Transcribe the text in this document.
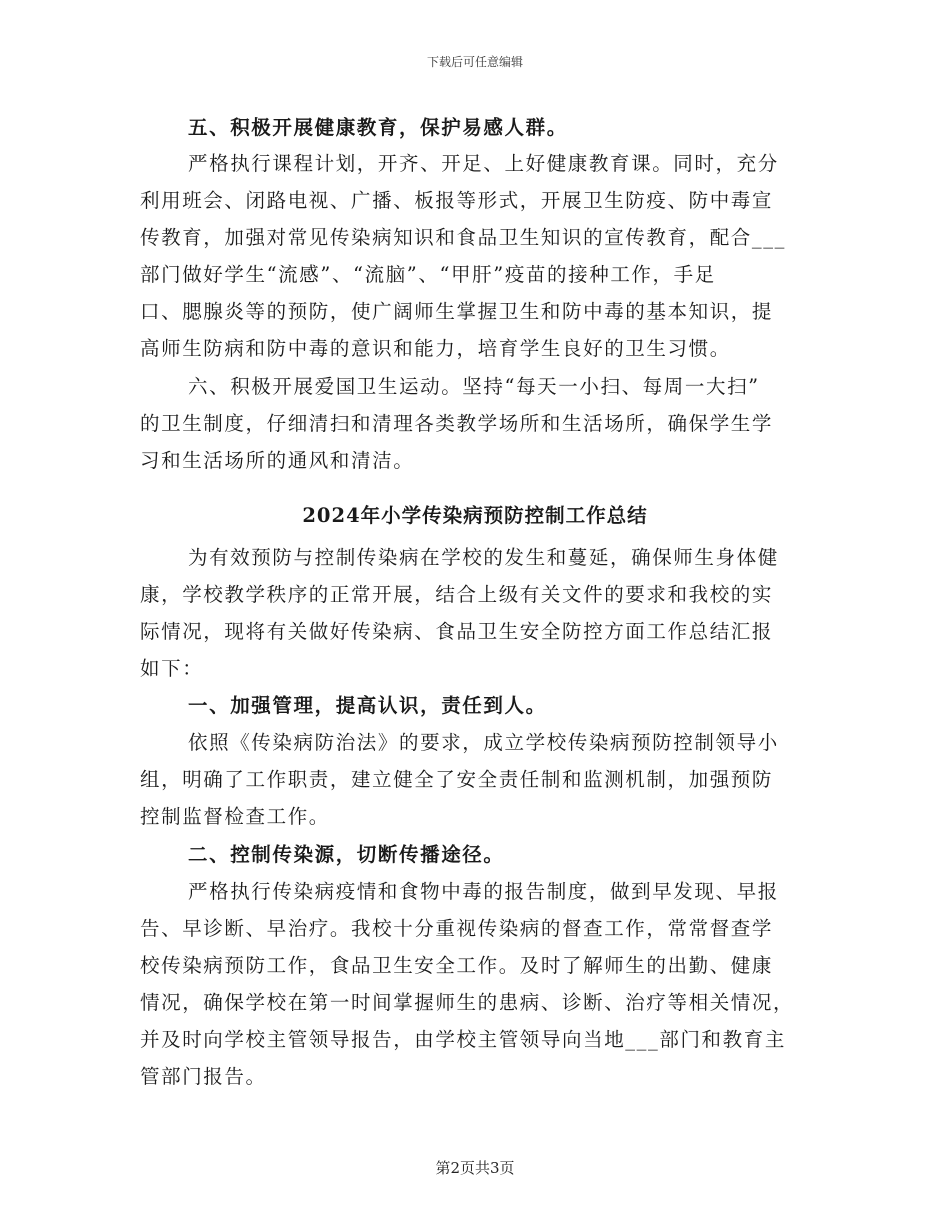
下载后可任意编辑
五、积极开展健康教育，保护易感人群。
严格执行课程计划，开齐、开足、上好健康教育课。同时，充分
利用班会、闭路电视、广播、板报等形式，开展卫生防疫、防中毒宣
传教育，加强对常见传染病知识和食品卫生知识的宣传教育，配合___
部门做好学生“流感”、“流脑”、“甲肝”疫苗的接种工作，手足
口、腮腺炎等的预防，使广阔师生掌握卫生和防中毒的基本知识，提
高师生防病和防中毒的意识和能力，培育学生良好的卫生习惯。
六、积极开展爱国卫生运动。坚持“每天一小扫、每周一大扫”
的卫生制度，仔细清扫和清理各类教学场所和生活场所，确保学生学
习和生活场所的通风和清洁。
2024年小学传染病预防控制工作总结
为有效预防与控制传染病在学校的发生和蔓延，确保师生身体健
康，学校教学秩序的正常开展，结合上级有关文件的要求和我校的实
际情况，现将有关做好传染病、食品卫生安全防控方面工作总结汇报
如下：
一、加强管理，提高认识，责任到人。
依照《传染病防治法》的要求，成立学校传染病预防控制领导小
组，明确了工作职责，建立健全了安全责任制和监测机制，加强预防
控制监督检查工作。
二、控制传染源，切断传播途径。
严格执行传染病疫情和食物中毒的报告制度，做到早发现、早报
告、早诊断、早治疗。我校十分重视传染病的督查工作，常常督查学
校传染病预防工作，食品卫生安全工作。及时了解师生的出勤、健康
情况，确保学校在第一时间掌握师生的患病、诊断、治疗等相关情况，
并及时向学校主管领导报告，由学校主管领导向当地___部门和教育主
管部门报告。
第2页共3页
